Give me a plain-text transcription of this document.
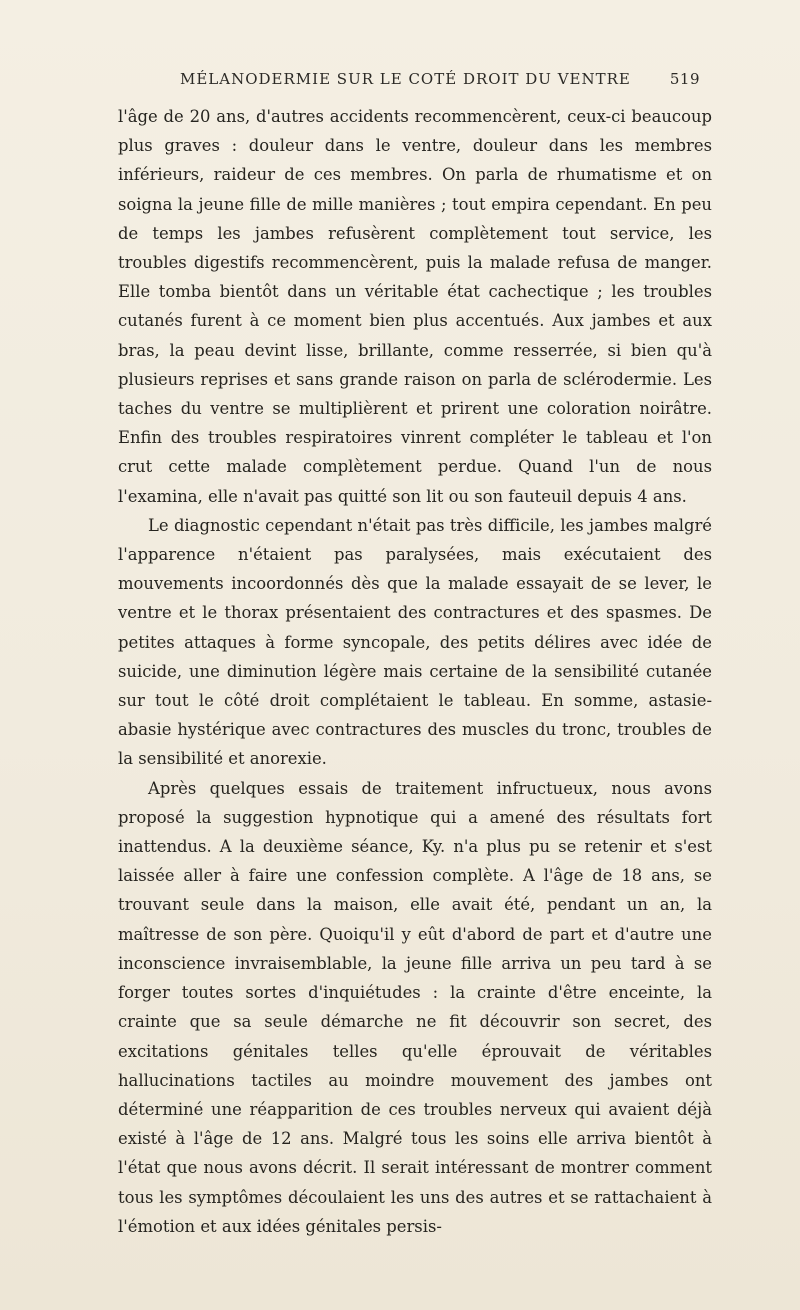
MÉLANODERMIE SUR LE COTÉ DROIT DU VENTRE	519

l'âge de 20 ans, d'autres accidents recommencèrent, ceux-ci beaucoup plus graves : douleur dans le ventre, douleur dans les membres inférieurs, raideur de ces membres. On parla de rhumatisme et on soigna la jeune fille de mille manières ; tout empira cependant. En peu de temps les jambes refusèrent complètement tout service, les troubles digestifs recommencèrent, puis la malade refusa de manger. Elle tomba bientôt dans un véritable état cachectique ; les troubles cutanés furent à ce moment bien plus accentués. Aux jambes et aux bras, la peau devint lisse, brillante, comme resserrée, si bien qu'à plusieurs reprises et sans grande raison on parla de sclérodermie. Les taches du ventre se multiplièrent et prirent une coloration noirâtre. Enfin des troubles respiratoires vinrent compléter le tableau et l'on crut cette malade complètement perdue. Quand l'un de nous l'examina, elle n'avait pas quitté son lit ou son fauteuil depuis 4 ans.

Le diagnostic cependant n'était pas très difficile, les jambes malgré l'apparence n'étaient pas paralysées, mais exécutaient des mouvements incoordonnés dès que la malade essayait de se lever, le ventre et le thorax présentaient des contractures et des spasmes. De petites attaques à forme syncopale, des petits délires avec idée de suicide, une diminution légère mais certaine de la sensibilité cutanée sur tout le côté droit complétaient le tableau. En somme, astasie-abasie hystérique avec contractures des muscles du tronc, troubles de la sensibilité et anorexie.

Après quelques essais de traitement infructueux, nous avons proposé la suggestion hypnotique qui a amené des résultats fort inattendus. A la deuxième séance, Ky. n'a plus pu se retenir et s'est laissée aller à faire une confession complète. A l'âge de 18 ans, se trouvant seule dans la maison, elle avait été, pendant un an, la maîtresse de son père. Quoiqu'il y eût d'abord de part et d'autre une inconscience invraisemblable, la jeune fille arriva un peu tard à se forger toutes sortes d'inquiétudes : la crainte d'être enceinte, la crainte que sa seule démarche ne fit découvrir son secret, des excitations génitales telles qu'elle éprouvait de véritables hallucinations tactiles au moindre mouvement des jambes ont déterminé une réapparition de ces troubles nerveux qui avaient déjà existé à l'âge de 12 ans. Malgré tous les soins elle arriva bientôt à l'état que nous avons décrit. Il serait intéressant de montrer comment tous les symptômes découlaient les uns des autres et se rattachaient à l'émotion et aux idées génitales persis-
